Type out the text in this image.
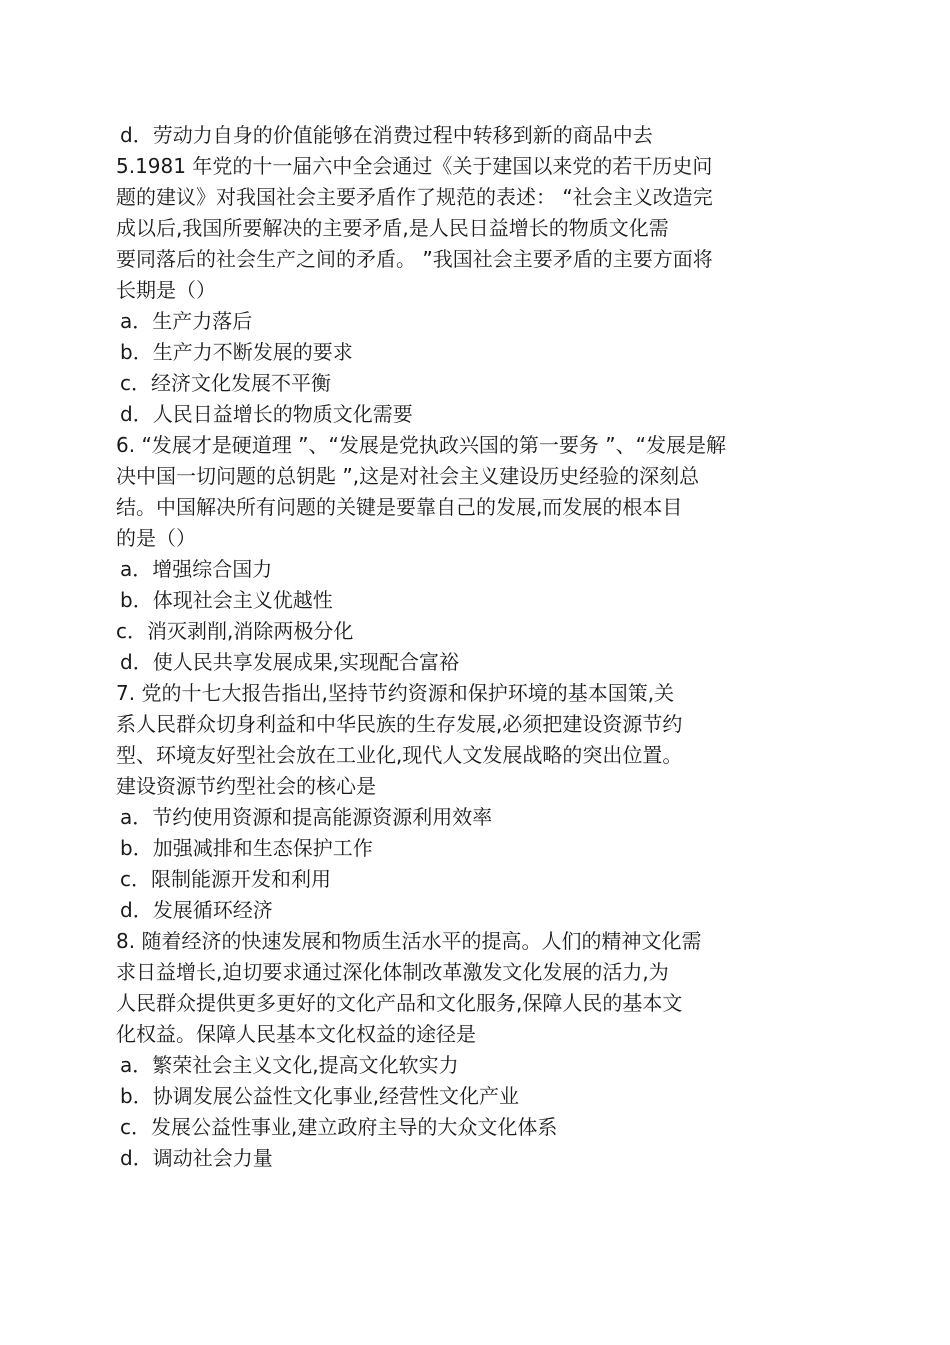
d．劳动力自身的价值能够在消费过程中转移到新的商品中去
5.1981 年党的十一届六中全会通过《关于建国以来党的若干历史问
题的建议》对我国社会主要矛盾作了规范的表述： “社会主义改造完
成以后,我国所要解决的主要矛盾,是人民日益增长的物质文化需
要同落后的社会生产之间的矛盾。 ”我国社会主要矛盾的主要方面将
长期是（）
a．生产力落后
b．生产力不断发展的要求
c．经济文化发展不平衡
d．人民日益增长的物质文化需要
6. “发展才是硬道理 ”、“发展是党执政兴国的第一要务 ”、“发展是解
决中国一切问题的总钥匙 ”,这是对社会主义建设历史经验的深刻总
结。中国解决所有问题的关键是要靠自己的发展,而发展的根本目
的是（）
a．增强综合国力
b．体现社会主义优越性
c．消灭剥削,消除两极分化
d．使人民共享发展成果,实现配合富裕
7. 党的十七大报告指出,坚持节约资源和保护环境的基本国策,关
系人民群众切身利益和中华民族的生存发展,必须把建设资源节约
型、环境友好型社会放在工业化,现代人文发展战略的突出位置。
建设资源节约型社会的核心是
a．节约使用资源和提高能源资源利用效率
b．加强减排和生态保护工作
c．限制能源开发和利用
d．发展循环经济
8. 随着经济的快速发展和物质生活水平的提高。人们的精神文化需
求日益增长,迫切要求通过深化体制改革激发文化发展的活力,为
人民群众提供更多更好的文化产品和文化服务,保障人民的基本文
化权益。保障人民基本文化权益的途径是
a．繁荣社会主义文化,提高文化软实力
b．协调发展公益性文化事业,经营性文化产业
c．发展公益性事业,建立政府主导的大众文化体系
d．调动社会力量
